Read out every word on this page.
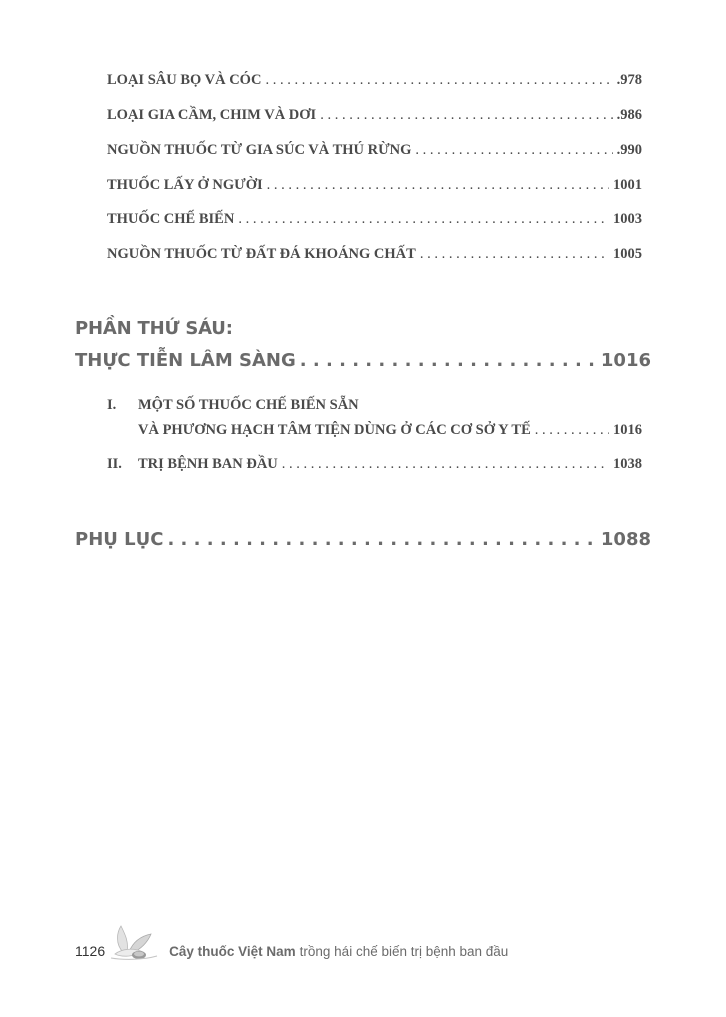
LOẠI SÂU BỌ VÀ CÓC . . .	.978
LOẠI GIA CẦM, CHIM VÀ DƠI . . .	.986
NGUỒN THUỐC TỪ GIA SÚC VÀ THÚ RỪNG . . .	.990
THUỐC LẤY Ở NGƯỜI . . .	1001
THUỐC CHẾ BIẾN . . .	1003
NGUỒN THUỐC TỪ ĐẤT ĐÁ KHOÁNG CHẤT . . .	1005
PHẦN THỨ SÁU:
THỰC TIỄN LÂM SÀNG . . .	1016
I. MỘT SỐ THUỐC CHẾ BIẾN SẴN
VÀ PHƯƠNG HẠCH TÂM TIỆN DÙNG Ở CÁC CƠ SỞ Y TẾ . . .	1016
II. TRỊ BỆNH BAN ĐẦU . . .	1038
PHỤ LỤC . . .	1088
1126	Cây thuốc Việt Nam trồng hái chế biến trị bệnh ban đầu
